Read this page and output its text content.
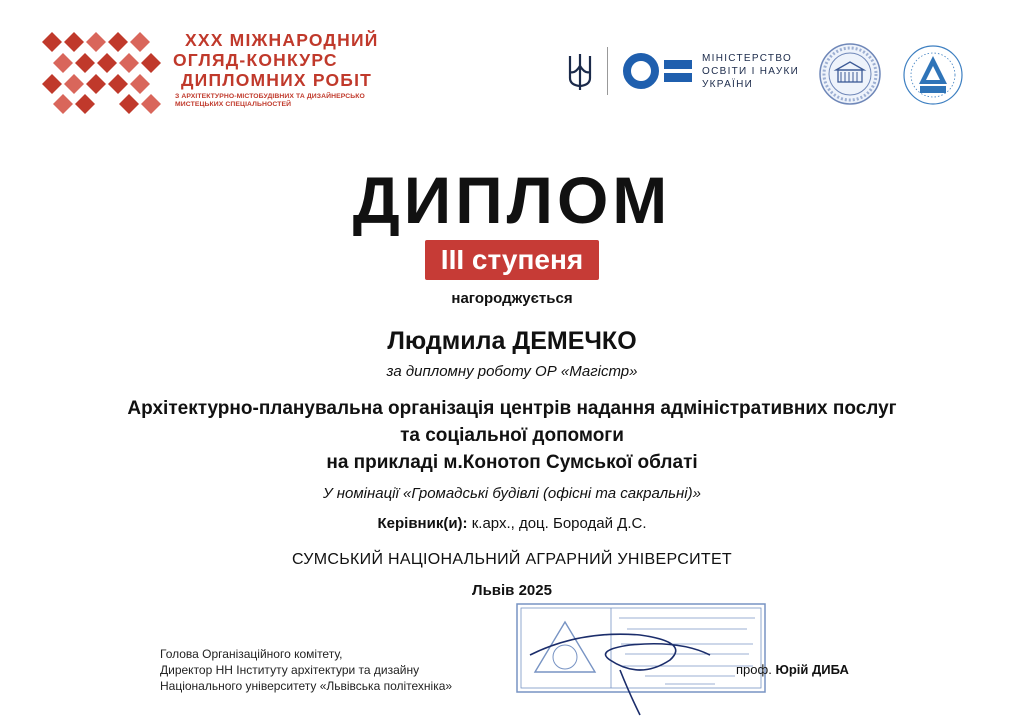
XXX МІЖНАРОДНИЙ
ОГЛЯД-КОНКУРС
ДИПЛОМНИХ РОБІТ
З АРХІТЕКТУРНО-МІСТОБУДІВНИХ ТА ДИЗАЙНЕРСЬКО МИСТЕЦЬКИХ СПЕЦІАЛЬНОСТЕЙ
МІНІСТЕРСТВО
ОСВІТИ І НАУКИ
УКРАЇНИ
ДИПЛОМ
III ступеня
нагороджується
Людмила ДЕМЕЧКО
за дипломну роботу ОР «Магістр»
Архітектурно-планувальна організація центрів надання адміністративних послуг
та соціальної допомоги
на прикладі м.Конотоп Сумської облаті
У номінації «Громадські будівлі (офісні та сакральні)»
Керівник(и): к.арх., доц. Бородай Д.С.
СУМСЬКИЙ НАЦІОНАЛЬНИЙ АГРАРНИЙ УНІВЕРСИТЕТ
Львів 2025
Голова Організаційного комітету,
Директор НН Інституту архітектури та дизайну
Національного університету «Львівська політехніка»
проф. Юрій ДИБА
